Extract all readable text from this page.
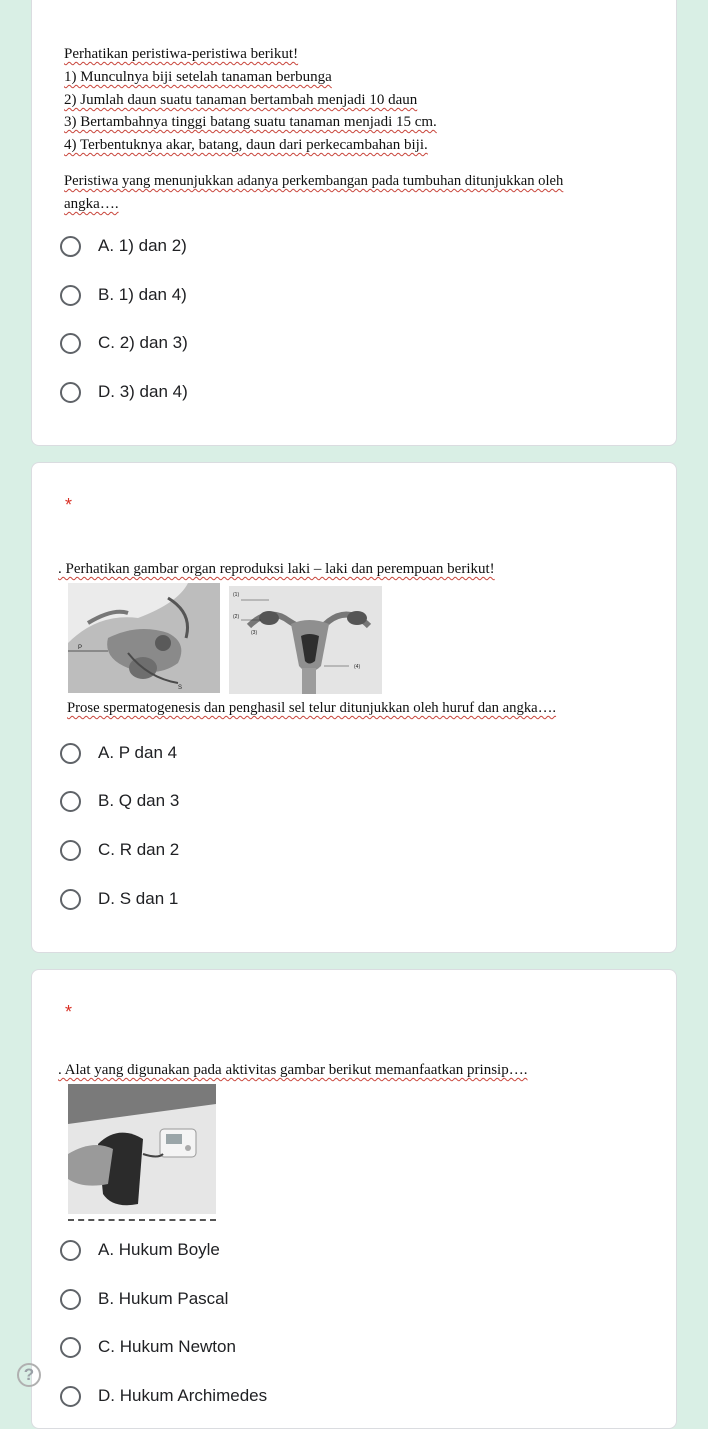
Perhatikan peristiwa-peristiwa berikut!
1) Munculnya biji setelah tanaman berbunga
2) Jumlah daun suatu tanaman bertambah menjadi 10 daun
3) Bertambahnya tinggi batang suatu tanaman menjadi 15 cm.
4) Terbentuknya akar, batang, daun dari perkecambahan biji.
Peristiwa yang menunjukkan adanya perkembangan pada tumbuhan ditunjukkan oleh
angka….
A. 1) dan 2)
B. 1) dan 4)
C. 2) dan 3)
D. 3) dan 4)
*
. Perhatikan gambar organ reproduksi laki – laki dan perempuan berikut!
P
S
(1)
(2)
(3)
(4)
Prose spermatogenesis dan penghasil sel telur ditunjukkan oleh huruf dan angka….
A. P dan 4
B. Q dan 3
C. R dan 2
D. S dan 1
*
. Alat yang digunakan pada aktivitas gambar berikut memanfaatkan prinsip….
A. Hukum Boyle
B. Hukum Pascal
C. Hukum Newton
D. Hukum Archimedes
?
